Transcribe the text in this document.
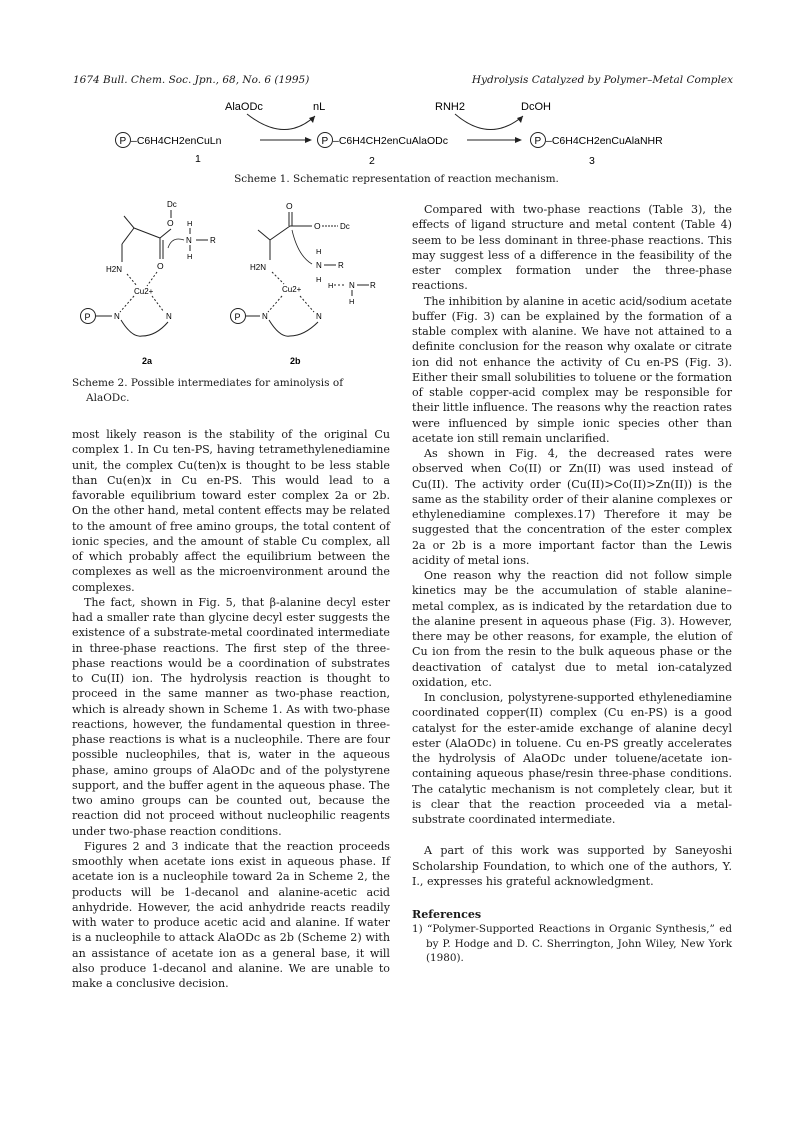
1674 Bull. Chem. Soc. Jpn., 68, No. 6 (1995)	Hydrolysis Catalyzed by Polymer–Metal Complex
AlaODc	nL	RNH2	DcOH
P –C6H4CH2enCuLn	P –C6H4CH2enCuAlaODc	P –C6H4CH2enCuAlaNHR
1	2	3
Scheme 1. Schematic representation of reaction mechanism.
Dc
O
O
H2N
H
N R
H
Cu2+
N	N
P
2a
O
O Dc
H2N
H
N R
H
H N R
H
Cu2+
N	N
P
2b
Scheme 2. Possible intermediates for aminolysis of
AlaODc.

most likely reason is the stability of the original Cu complex 1. In Cu ten-PS, having tetramethylenediamine unit, the complex Cu(ten)x is thought to be less stable than Cu(en)x in Cu en-PS. This would lead to a favorable equilibrium toward ester complex 2a or 2b. On the other hand, metal content effects may be related to the amount of free amino groups, the total content of ionic species, and the amount of stable Cu complex, all of which probably affect the equilibrium between the complexes as well as the microenvironment around the complexes.

The fact, shown in Fig. 5, that β-alanine decyl ester had a smaller rate than glycine decyl ester suggests the existence of a substrate-metal coordinated intermediate in three-phase reactions. The first step of the three-phase reactions would be a coordination of substrates to Cu(II) ion. The hydrolysis reaction is thought to proceed in the same manner as two-phase reaction, which is already shown in Scheme 1. As with two-phase reactions, however, the fundamental question in three-phase reactions is what is a nucleophile. There are four possible nucleophiles, that is, water in the aqueous phase, amino groups of AlaODc and of the polystyrene support, and the buffer agent in the aqueous phase. The two amino groups can be counted out, because the reaction did not proceed without nucleophilic reagents under two-phase reaction conditions.

Figures 2 and 3 indicate that the reaction proceeds smoothly when acetate ions exist in aqueous phase. If acetate ion is a nucleophile toward 2a in Scheme 2, the products will be 1-decanol and alanine-acetic acid anhydride. However, the acid anhydride reacts readily with water to produce acetic acid and alanine. If water is a nucleophile to attack AlaODc as 2b (Scheme 2) with an assistance of acetate ion as a general base, it will also produce 1-decanol and alanine. We are unable to make a conclusive decision.

Compared with two-phase reactions (Table 3), the effects of ligand structure and metal content (Table 4) seem to be less dominant in three-phase reactions. This may suggest less of a difference in the feasibility of the ester complex formation under the three-phase reactions.

The inhibition by alanine in acetic acid/sodium acetate buffer (Fig. 3) can be explained by the formation of a stable complex with alanine. We have not attained to a definite conclusion for the reason why oxalate or citrate ion did not enhance the activity of Cu en-PS (Fig. 3). Either their small solubilities to toluene or the formation of stable copper-acid complex may be responsible for their little influence. The reasons why the reaction rates were influenced by simple ionic species other than acetate ion still remain unclarified.

As shown in Fig. 4, the decreased rates were observed when Co(II) or Zn(II) was used instead of Cu(II). The activity order (Cu(II)>Co(II)>Zn(II)) is the same as the stability order of their alanine complexes or ethylenediamine complexes.17) Therefore it may be suggested that the concentration of the ester complex 2a or 2b is a more important factor than the Lewis acidity of metal ions.

One reason why the reaction did not follow simple kinetics may be the accumulation of stable alanine–metal complex, as is indicated by the retardation due to the alanine present in aqueous phase (Fig. 3). However, there may be other reasons, for example, the elution of Cu ion from the resin to the bulk aqueous phase or the deactivation of catalyst due to metal ion-catalyzed oxidation, etc.

In conclusion, polystyrene-supported ethylenediamine coordinated copper(II) complex (Cu en-PS) is a good catalyst for the ester-amide exchange of alanine decyl ester (AlaODc) in toluene. Cu en-PS greatly accelerates the hydrolysis of AlaODc under toluene/acetate ion-containing aqueous phase/resin three-phase conditions. The catalytic mechanism is not completely clear, but it is clear that the reaction proceeded via a metal-substrate coordinated intermediate.

A part of this work was supported by Saneyoshi Scholarship Foundation, to which one of the authors, Y. I., expresses his grateful acknowledgment.

References
1) “Polymer-Supported Reactions in Organic Synthesis,” ed by P. Hodge and D. C. Sherrington, John Wiley, New York (1980).
